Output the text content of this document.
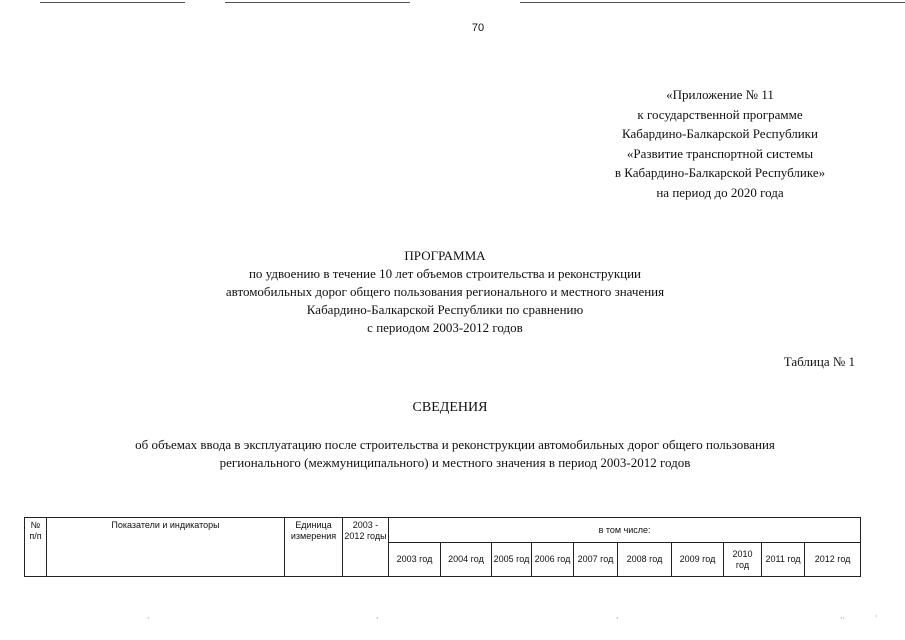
70
«Приложение № 11
к государственной программе
Кабардино-Балкарской Республики
«Развитие транспортной системы
в Кабардино-Балкарской Республике»
на период до 2020 года
ПРОГРАММА
по удвоению в течение 10 лет объемов строительства и реконструкции
автомобильных дорог общего пользования регионального и местного значения
Кабардино-Балкарской Республики по сравнению
с периодом 2003-2012 годов
Таблица № 1
СВЕДЕНИЯ
об объемах ввода в эксплуатацию после строительства и реконструкции автомобильных дорог общего пользования
регионального (межмуниципального) и местного значения в период 2003-2012 годов
№ п/п	Показатели и индикаторы	Единица измерения	2003 - 2012 годы	в том числе:									
				2003 год	2004 год	2005 год	2006 год	2007 год	2008 год	2009 год	2010 год	2011 год	2012 год
·	·	·	··	·
